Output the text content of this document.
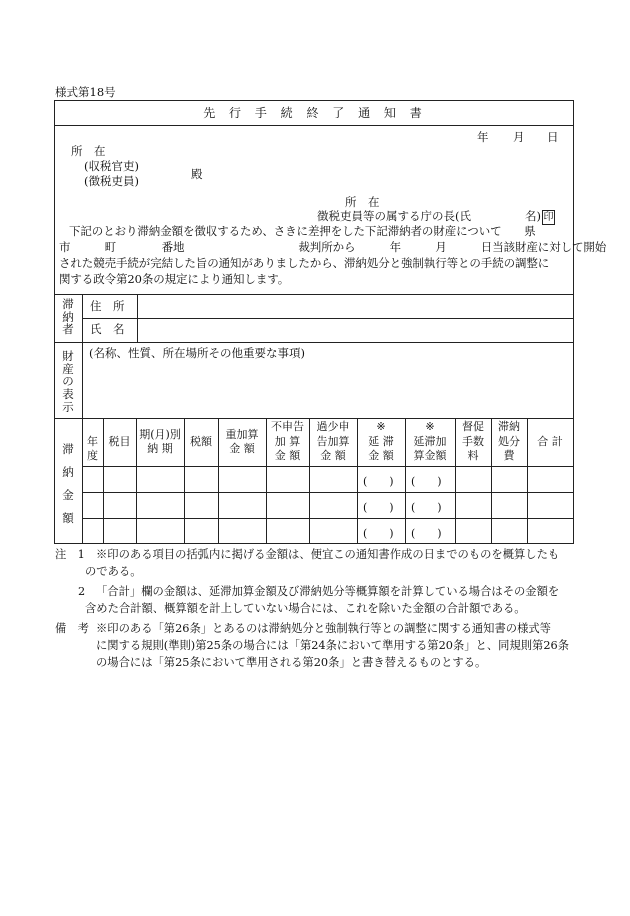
様式第18号
先 行 手 続 終 了 通 知 書
年 月 日
所　在
(収税官吏)
(徴税吏員)	殿
所　在
徴税吏員等の属する庁の長(氏	名) 印
下記のとおり滞納金額を徴収するため、さきに差押をした下記滞納者の財産について　　県
市　　　町　　　　番地　　　　　　　　　　裁判所から　　　年　　　月　　　日当該財産に対して開始
された競売手続が完結した旨の通知がありましたから、滞納処分と強制執行等との手続の調整に
関する政令第20条の規定により通知します。
滞納者
住　所
氏　名
財産の表示
(名称、性質、所在場所その他重要な事項)
滞納金額
年度
税目
期(月)別
納 期
税額
重加算
金 額
不申告
加 算
金 額
過少申
告加算
金 額
※
延 滞
金 額
※
延滞加
算金額
督促
手数
料
滞納
処分
費
合 計
(　　) (　　)
(　　) (　　)
(　　) (　　)
注　1 ※印のある項目の括弧内に掲げる金額は、便宜この通知書作成の日までのものを概算したも
のである。
2 「合計」欄の金額は、延滞加算金額及び滞納処分等概算額を計算している場合はその金額を
含めた合計額、概算額を計上していない場合には、これを除いた金額の合計額である。
備　考 ※印のある「第26条」とあるのは滞納処分と強制執行等との調整に関する通知書の様式等
に関する規則(準則)第25条の場合には「第24条において準用する第20条」と、同規則第26条
の場合には「第25条において準用される第20条」と書き替えるものとする。
